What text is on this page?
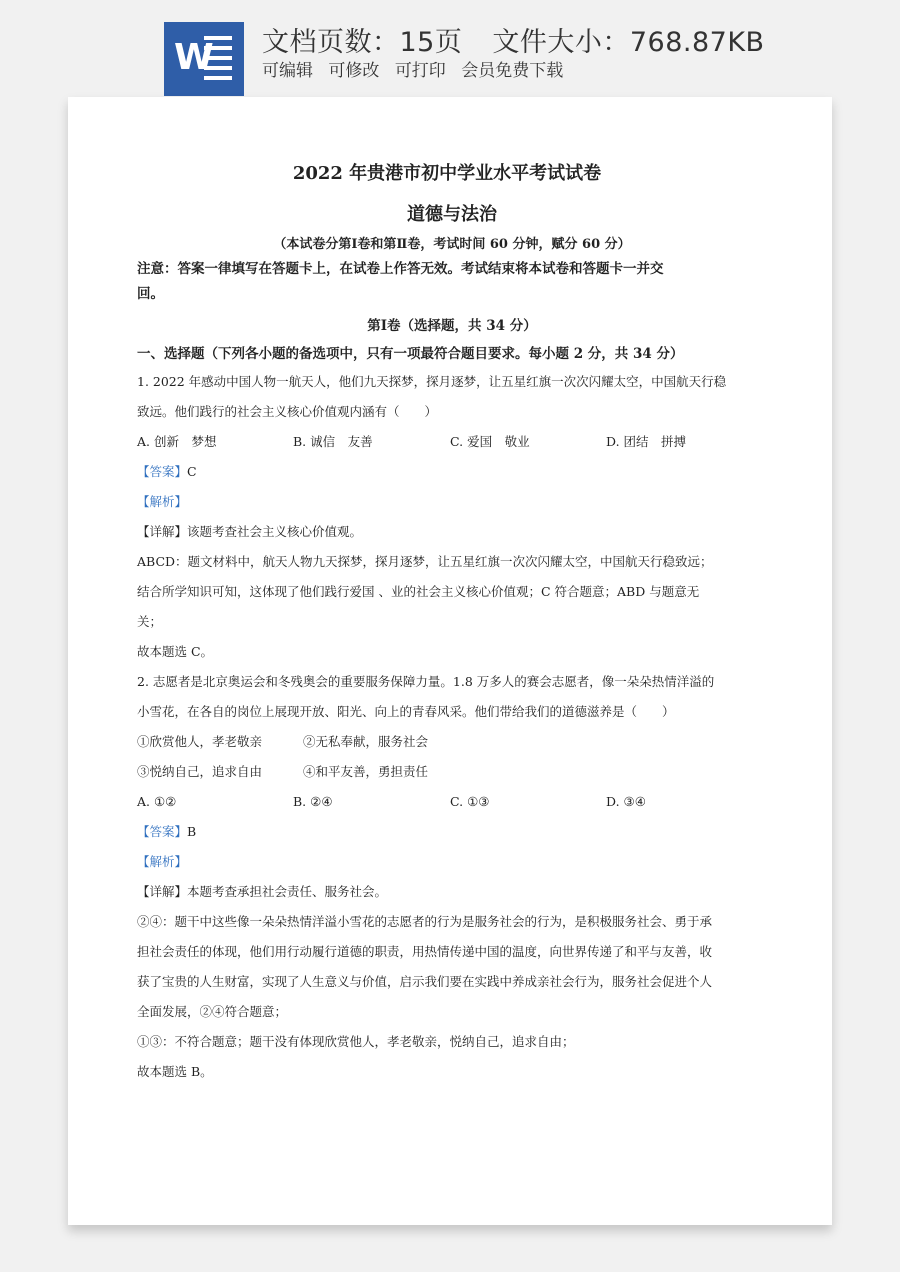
W 文档页数：15页 文件大小：768.87KB
可编辑 可修改 可打印 会员免费下载
2022 年贵港市初中学业水平考试试卷
道德与法治
（本试卷分第Ⅰ卷和第Ⅱ卷，考试时间 60 分钟，赋分 60 分）
注意：答案一律填写在答题卡上，在试卷上作答无效。考试结束将本试卷和答题卡一并交
回。
第Ⅰ卷（选择题，共 34 分）
一、选择题（下列各小题的备选项中，只有一项最符合题目要求。每小题 2 分，共 34 分）
1. 2022 年感动中国人物一航天人，他们九天探梦，探月逐梦，让五星红旗一次次闪耀太空，中国航天行稳
致远。他们践行的社会主义核心价值观内涵有（　　）
A. 创新　梦想	B. 诚信　友善	C. 爱国　敬业	D. 团结　拼搏
【答案】C
【解析】
【详解】该题考查社会主义核心价值观。
ABCD：题文材料中，航天人物九天探梦，探月逐梦，让五星红旗一次次闪耀太空，中国航天行稳致远；
结合所学知识可知，这体现了他们践行爱国 、业的社会主义核心价值观；C 符合题意；ABD 与题意无
关；
故本题选 C。
2. 志愿者是北京奥运会和冬残奥会的重要服务保障力量。1.8 万多人的赛会志愿者，像一朵朵热情洋溢的
小雪花，在各自的岗位上展现开放、阳光、向上的青春风采。他们带给我们的道德滋养是（　　）
①欣赏他人，孝老敬亲	②无私奉献，服务社会
③悦纳自己，追求自由	④和平友善，勇担责任
A. ①②	B. ②④	C. ①③	D. ③④
【答案】B
【解析】
【详解】本题考查承担社会责任、服务社会。
②④：题干中这些像一朵朵热情洋溢小雪花的志愿者的行为是服务社会的行为，是积极服务社会、勇于承
担社会责任的体现，他们用行动履行道德的职责，用热情传递中国的温度，向世界传递了和平与友善，收
获了宝贵的人生财富，实现了人生意义与价值，启示我们要在实践中养成亲社会行为，服务社会促进个人
全面发展，②④符合题意；
①③：不符合题意；题干没有体现欣赏他人，孝老敬亲，悦纳自己，追求自由；
故本题选 B。
